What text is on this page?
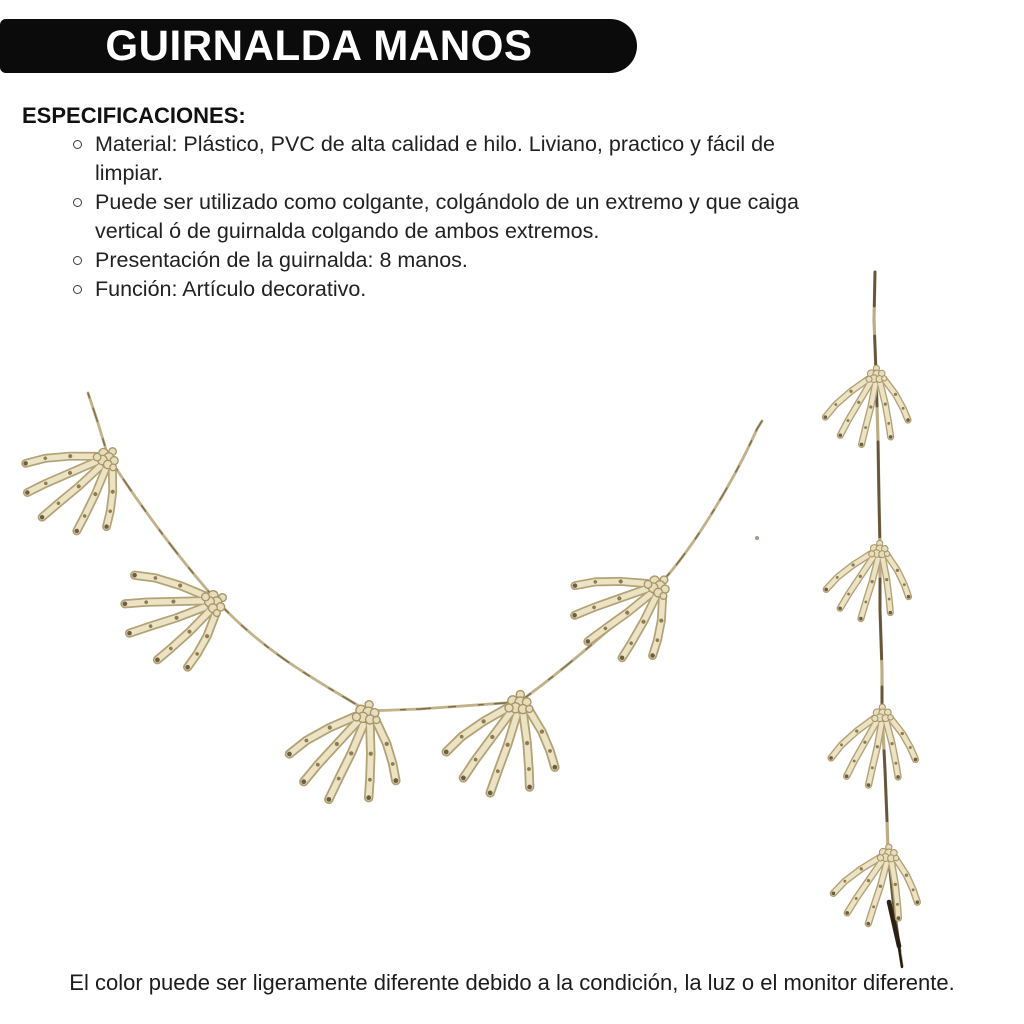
GUIRNALDA MANOS
ESPECIFICACIONES:
Material: Plástico, PVC de alta calidad e hilo. Liviano, practico y fácil de limpiar.
Puede ser utilizado como colgante, colgándolo de un extremo y que caiga vertical ó de guirnalda colgando de ambos extremos.
Presentación de la guirnalda: 8 manos.
Función: Artículo decorativo.
El color puede ser ligeramente diferente debido a la condición, la luz o el monitor diferente.
